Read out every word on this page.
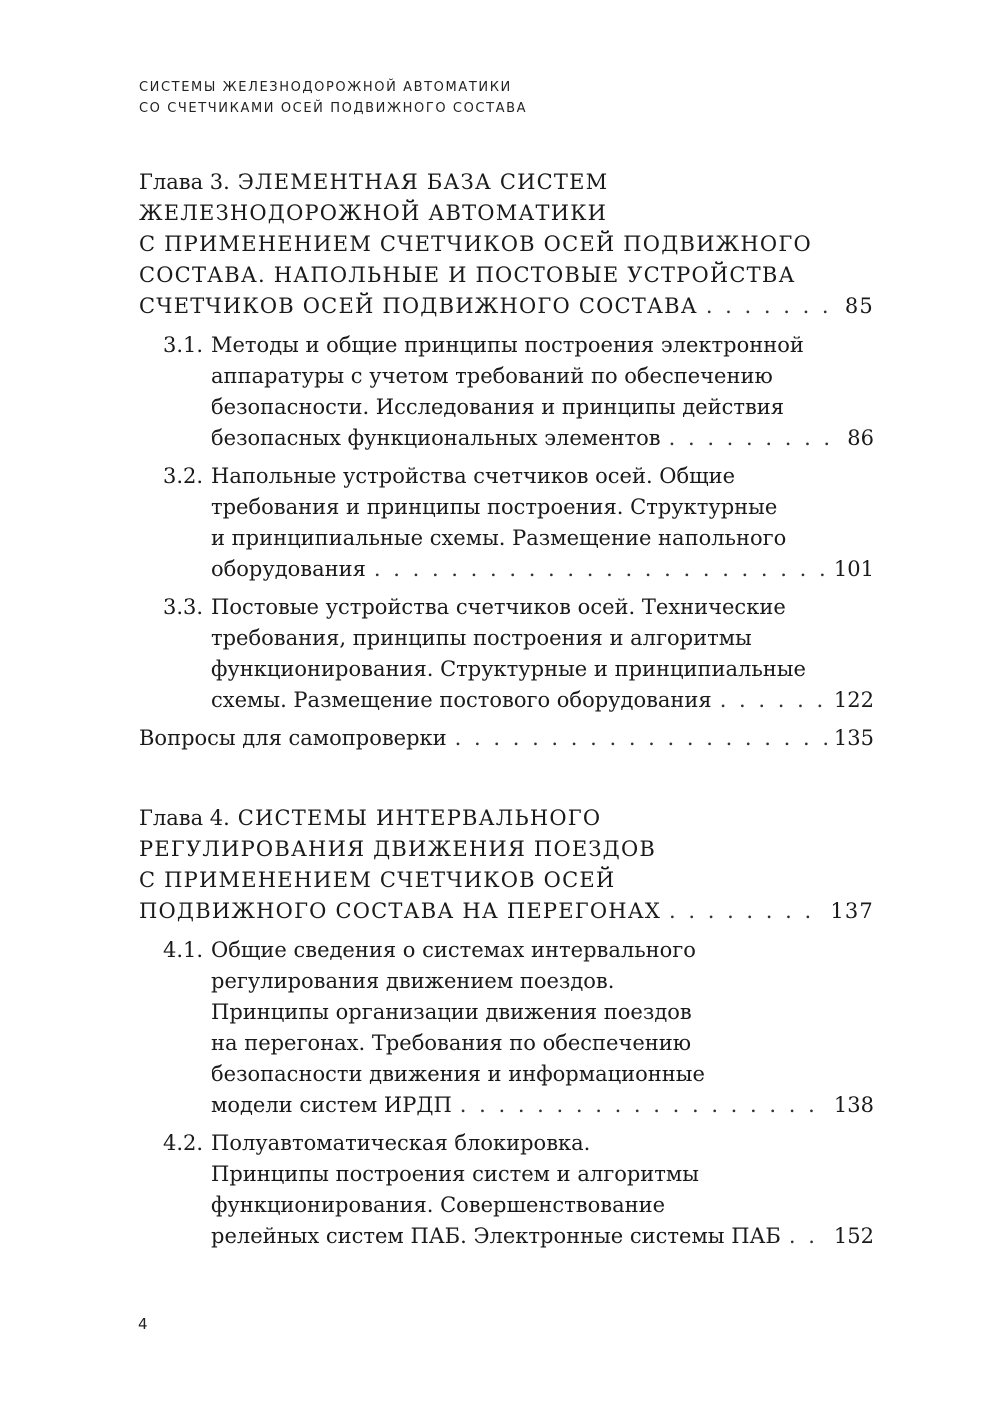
СИСТЕМЫ ЖЕЛЕЗНОДОРОЖНОЙ АВТОМАТИКИ
СО СЧЕТЧИКАМИ ОСЕЙ ПОДВИЖНОГО СОСТАВА
Глава 3.
ЭЛЕМЕНТНАЯ БАЗА СИСТЕМ
ЖЕЛЕЗНОДОРОЖНОЙ АВТОМАТИКИ
С ПРИМЕНЕНИЕМ СЧЕТЧИКОВ ОСЕЙ ПОДВИЖНОГО
СОСТАВА. НАПОЛЬНЫЕ И ПОСТОВЫЕ УСТРОЙСТВА
СЧЕТЧИКОВ ОСЕЙ ПОДВИЖНОГО СОСТАВА . . .	85
3.1. Методы и общие принципы построения электронной
аппаратуры с учетом требований по обеспечению
безопасности. Исследования и принципы действия
безопасных функциональных элементов . . .	86
3.2. Напольные устройства счетчиков осей. Общие
требования и принципы построения. Структурные
и принципиальные схемы. Размещение напольного
оборудования . . .	101
3.3. Постовые устройства счетчиков осей. Технические
требования, принципы построения и алгоритмы
функционирования. Структурные и принципиальные
схемы. Размещение постового оборудования . . .	122
Вопросы для самопроверки . . .	135
Глава 4.
СИСТЕМЫ ИНТЕРВАЛЬНОГО
РЕГУЛИРОВАНИЯ ДВИЖЕНИЯ ПОЕЗДОВ
С ПРИМЕНЕНИЕМ СЧЕТЧИКОВ ОСЕЙ
ПОДВИЖНОГО СОСТАВА НА ПЕРЕГОНАХ . . .	137
4.1. Общие сведения о системах интервального
регулирования движением поездов.
Принципы организации движения поездов
на перегонах. Требования по обеспечению
безопасности движения и информационные
модели систем ИРДП . . .	138
4.2. Полуавтоматическая блокировка.
Принципы построения систем и алгоритмы
функционирования. Совершенствование
релейных систем ПАБ. Электронные системы ПАБ . . .	152
4
